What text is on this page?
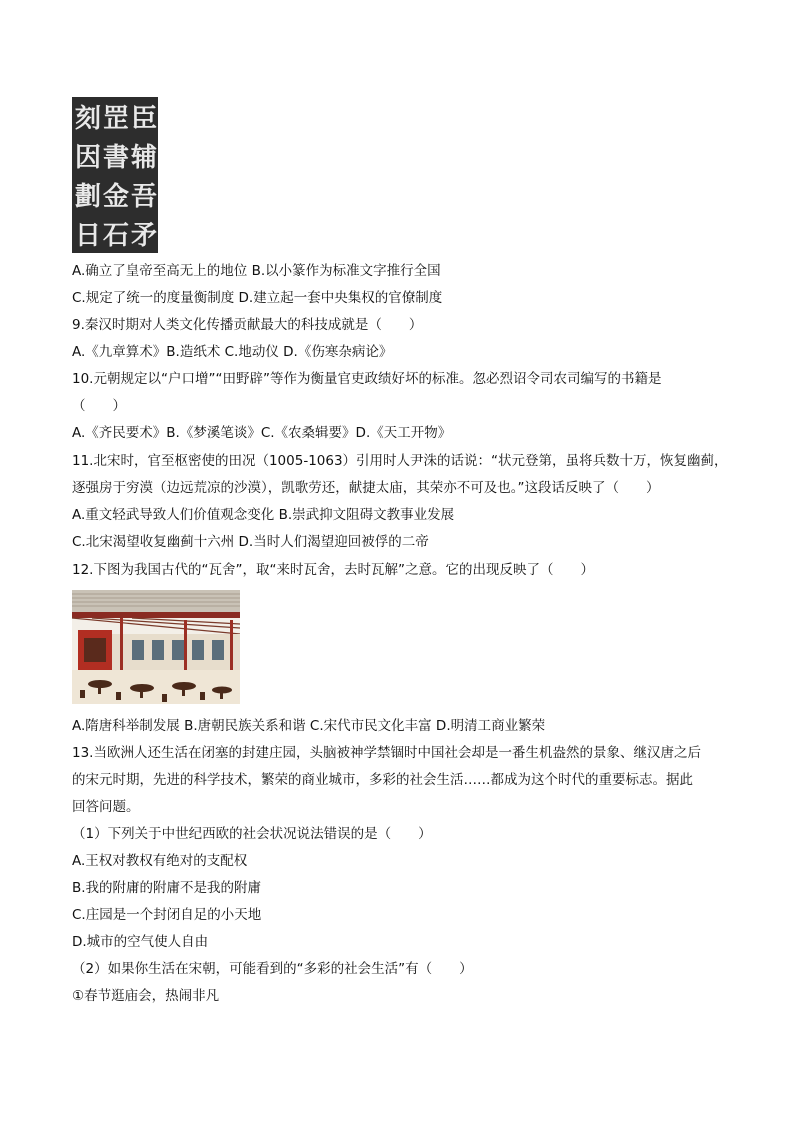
臣
辅
吾
矛
罡
書
金
石
刻
因
劃
日
A.确立了皇帝至高无上的地位 B.以小篆作为标准文字推行全国
C.规定了统一的度量衡制度 D.建立起一套中央集权的官僚制度
9.秦汉时期对人类文化传播贡献最大的科技成就是（　　）
A.《九章算术》B.造纸术 C.地动仪 D.《伤寒杂病论》
10.元朝规定以“户口增”“田野辟”等作为衡量官吏政绩好坏的标准。忽必烈诏令司农司编写的书籍是
（　　）
A.《齐民要术》B.《梦溪笔谈》C.《农桑辑要》D.《天工开物》
11.北宋时，官至枢密使的田况（1005-1063）引用时人尹洙的话说：“状元登第，虽将兵数十万，恢复幽蓟，
逐强房于穷漠（边远荒凉的沙漠），凯歌劳还，献捷太庙，其荣亦不可及也。”这段话反映了（　　）
A.重文轻武导致人们价值观念变化 B.崇武抑文阻碍文教事业发展
C.北宋渴望收复幽蓟十六州 D.当时人们渴望迎回被俘的二帝
12.下图为我国古代的“瓦舍”，取“来时瓦舍，去时瓦解”之意。它的出现反映了（　　）
A.隋唐科举制发展 B.唐朝民族关系和谐 C.宋代市民文化丰富 D.明清工商业繁荣
13.当欧洲人还生活在闭塞的封建庄园，头脑被神学禁锢时中国社会却是一番生机盎然的景象、继汉唐之后
的宋元时期，先进的科学技术，繁荣的商业城市，多彩的社会生活……都成为这个时代的重要标志。据此
回答问题。
（1）下列关于中世纪西欧的社会状况说法错误的是（　　）
A.王权对教权有绝对的支配权
B.我的附庸的附庸不是我的附庸
C.庄园是一个封闭自足的小天地
D.城市的空气使人自由
（2）如果你生活在宋朝，可能看到的“多彩的社会生活”有（　　）
①春节逛庙会，热闹非凡
